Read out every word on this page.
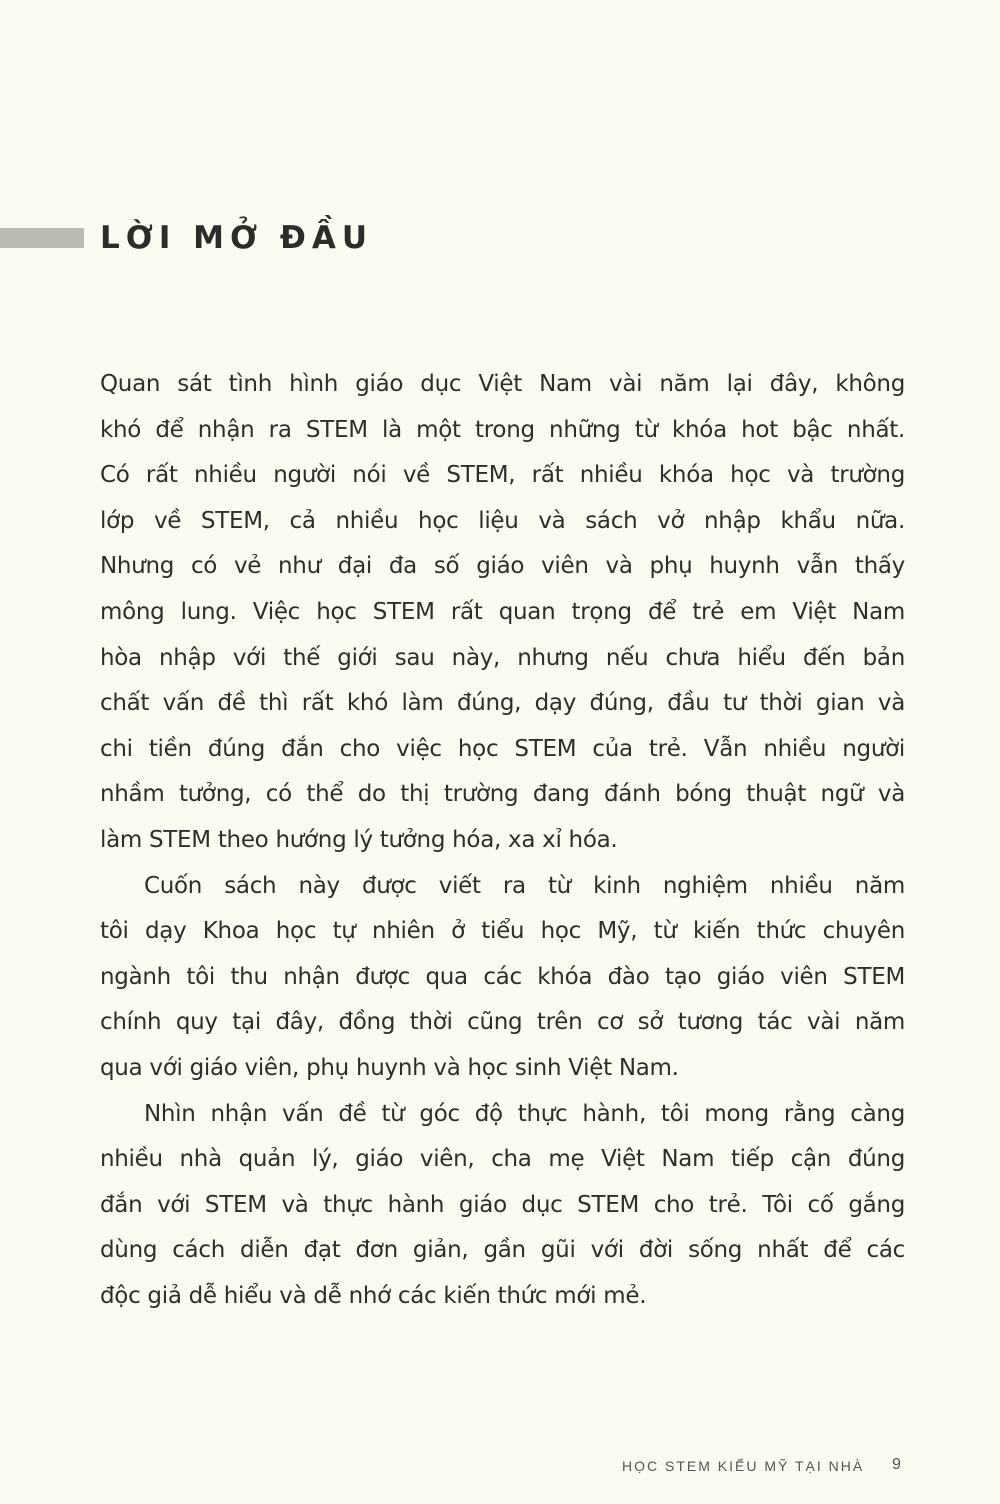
LỜI MỞ ĐẦU
Quan sát tình hình giáo dục Việt Nam vài năm lại đây, không
khó để nhận ra STEM là một trong những từ khóa hot bậc nhất.
Có rất nhiều người nói về STEM, rất nhiều khóa học và trường
lớp về STEM, cả nhiều học liệu và sách vở nhập khẩu nữa.
Nhưng có vẻ như đại đa số giáo viên và phụ huynh vẫn thấy
mông lung. Việc học STEM rất quan trọng để trẻ em Việt Nam
hòa nhập với thế giới sau này, nhưng nếu chưa hiểu đến bản
chất vấn đề thì rất khó làm đúng, dạy đúng, đầu tư thời gian và
chi tiền đúng đắn cho việc học STEM của trẻ. Vẫn nhiều người
nhầm tưởng, có thể do thị trường đang đánh bóng thuật ngữ và
làm STEM theo hướng lý tưởng hóa, xa xỉ hóa.
Cuốn sách này được viết ra từ kinh nghiệm nhiều năm
tôi dạy Khoa học tự nhiên ở tiểu học Mỹ, từ kiến thức chuyên
ngành tôi thu nhận được qua các khóa đào tạo giáo viên STEM
chính quy tại đây, đồng thời cũng trên cơ sở tương tác vài năm
qua với giáo viên, phụ huynh và học sinh Việt Nam.
Nhìn nhận vấn đề từ góc độ thực hành, tôi mong rằng càng
nhiều nhà quản lý, giáo viên, cha mẹ Việt Nam tiếp cận đúng
đắn với STEM và thực hành giáo dục STEM cho trẻ. Tôi cố gắng
dùng cách diễn đạt đơn giản, gần gũi với đời sống nhất để các
độc giả dễ hiểu và dễ nhớ các kiến thức mới mẻ.
HỌC STEM KIỂU MỸ TẠI NHÀ 9
